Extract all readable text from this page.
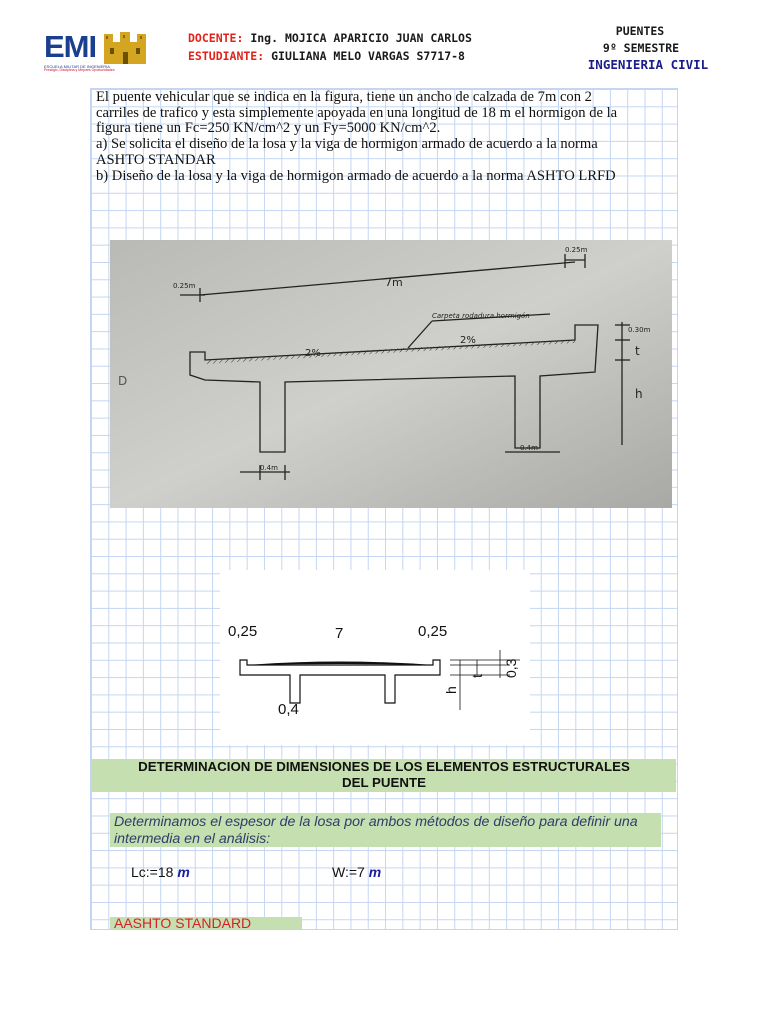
EMI
ESCUELA MILITAR DE INGENIERIA
Prestigio, Disciplina y Mejores Oportunidades
DOCENTE: Ing. MOJICA APARICIO JUAN CARLOS
ESTUDIANTE: GIULIANA MELO VARGAS S7717-8
PUENTES
9º SEMESTRE
INGENIERIA CIVIL
El puente vehicular que se indica en la figura, tiene un ancho de calzada de 7m con 2
carriles de trafico y esta simplemente apoyada en una longitud de 18 m el hormigon de la
figura tiene un Fc=250 KN/cm^2 y un Fy=5000 KN/cm^2.
a) Se solicita el diseño de la losa y la viga de hormigon armado de acuerdo a la norma
ASHTO STANDAR
b) Diseño de la losa y la viga de hormigon armado de acuerdo a la norma ASHTO LRFD
7m
0.25m
0.25m
Carpeta rodadura hormigón
2%
2%
0.30m
t
h
0.4m
0.4m
D
0,25	7	0,25
0,4
h
t 0,3
DETERMINACION DE DIMENSIONES DE LOS ELEMENTOS ESTRUCTURALES
DEL PUENTE
Determinamos el espesor de la losa por ambos métodos de diseño para definir una intermedia en el análisis:
Lc:=18 m	W:=7 m
AASHTO STANDARD
